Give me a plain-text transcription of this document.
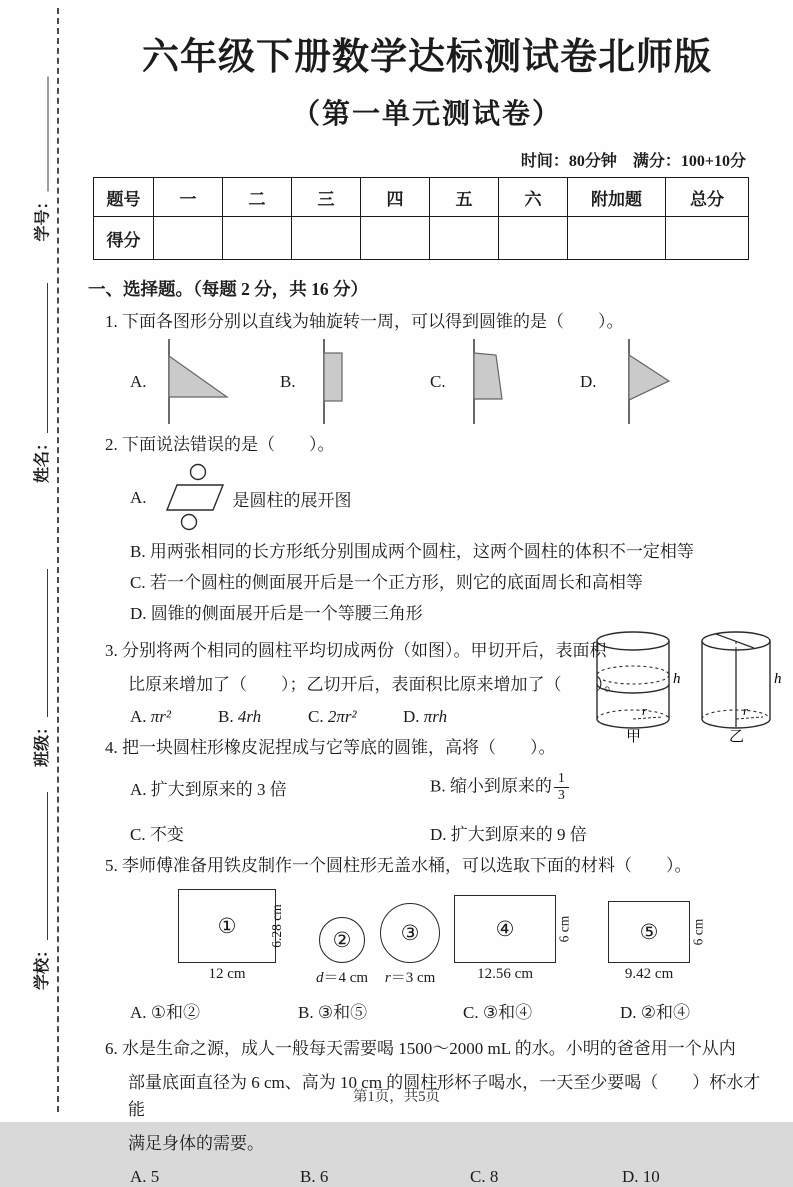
学号：
姓名：
班级：
学校：
六年级下册数学达标测试卷北师版
（第一单元测试卷）
时间：80分钟　满分：100+10分
题号	一	二	三	四	五	六	附加题	总分
得分								
一、选择题。（每题 2 分，共 16 分）
1. 下面各图形分别以直线为轴旋转一周，可以得到圆锥的是（　　）。
A.	B.	C.	D.
2. 下面说法错误的是（　　）。
A.	是圆柱的展开图
B. 用两张相同的长方形纸分别围成两个圆柱，这两个圆柱的体积不一定相等
C. 若一个圆柱的侧面展开后是一个正方形，则它的底面周长和高相等
D. 圆锥的侧面展开后是一个等腰三角形
r
h
甲
r
h
乙
3. 分别将两个相同的圆柱平均切成两份（如图）。甲切开后，表面积
比原来增加了（　　）；乙切开后，表面积比原来增加了（　　）。
A. πr²	B. 4rh	C. 2πr²	D. πrh
4. 把一块圆柱形橡皮泥捏成与它等底的圆锥，高将（　　）。
A. 扩大到原来的 3 倍	B. 缩小到原来的 $\frac{1}{3}$
C. 不变	D. 扩大到原来的 9 倍
5. 李师傅准备用铁皮制作一个圆柱形无盖水桶，可以选取下面的材料（　　）。
① 6.28 cm
12 cm
②
d＝4 cm
③
r＝3 cm
④	6 cm
12.56 cm
⑤ 6 cm
9.42 cm
A. ①和②	B. ③和⑤	C. ③和④	D. ②和④
6. 水是生命之源，成人一般每天需要喝 1500～2000 mL 的水。小明的爸爸用一个从内
部量底面直径为 6 cm、高为 10 cm 的圆柱形杯子喝水，一天至少要喝（　　）杯水才能
满足身体的需要。
A. 5	B. 6	C. 8	D. 10
第1页，共5页
